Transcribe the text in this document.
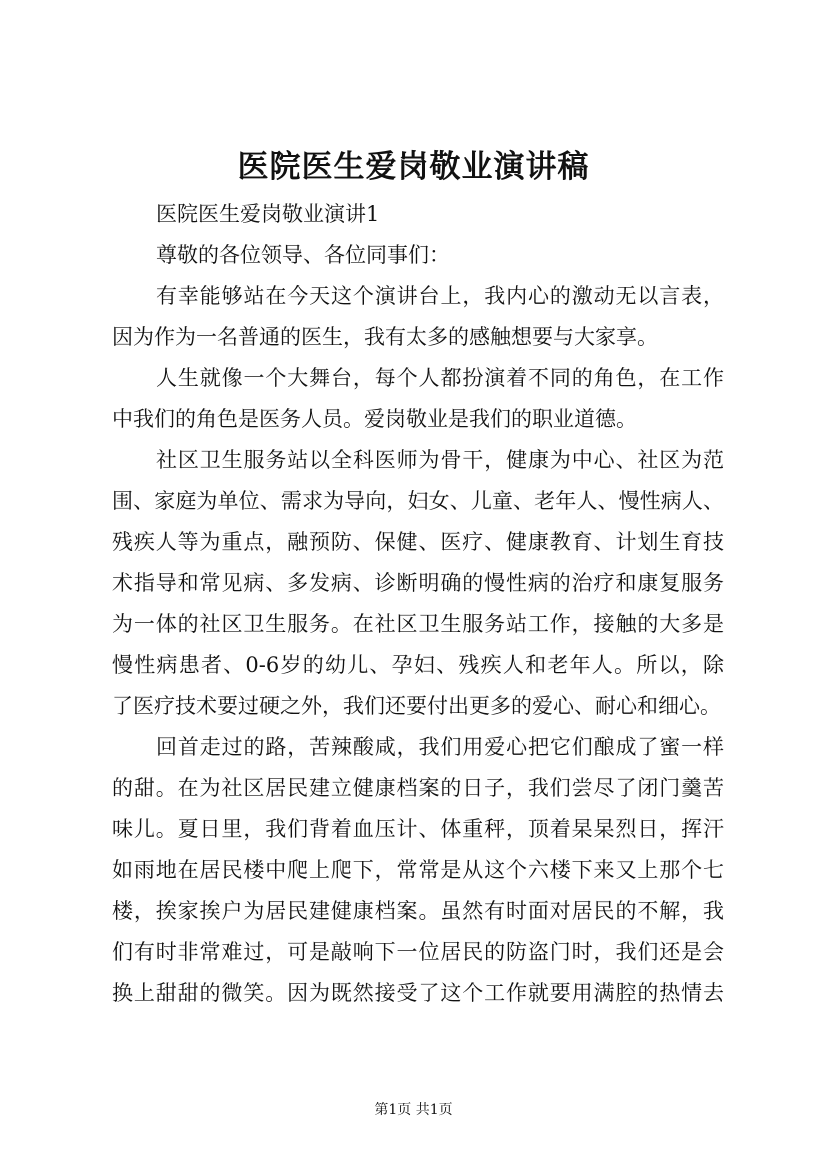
医院医生爱岗敬业演讲稿
医院医生爱岗敬业演讲1
尊敬的各位领导、各位同事们：
有幸能够站在今天这个演讲台上，我内心的激动无以言表，
因为作为一名普通的医生，我有太多的感触想要与大家享。
人生就像一个大舞台，每个人都扮演着不同的角色，在工作
中我们的角色是医务人员。爱岗敬业是我们的职业道德。
社区卫生服务站以全科医师为骨干，健康为中心、社区为范
围、家庭为单位、需求为导向，妇女、儿童、老年人、慢性病人、
残疾人等为重点，融预防、保健、医疗、健康教育、计划生育技
术指导和常见病、多发病、诊断明确的慢性病的治疗和康复服务
为一体的社区卫生服务。在社区卫生服务站工作，接触的大多是
慢性病患者、0-6岁的幼儿、孕妇、残疾人和老年人。所以，除
了医疗技术要过硬之外，我们还要付出更多的爱心、耐心和细心。
回首走过的路，苦辣酸咸，我们用爱心把它们酿成了蜜一样
的甜。在为社区居民建立健康档案的日子，我们尝尽了闭门羹苦
味儿。夏日里，我们背着血压计、体重秤，顶着杲杲烈日，挥汗
如雨地在居民楼中爬上爬下，常常是从这个六楼下来又上那个七
楼，挨家挨户为居民建健康档案。虽然有时面对居民的不解，我
们有时非常难过，可是敲响下一位居民的防盗门时，我们还是会
换上甜甜的微笑。因为既然接受了这个工作就要用满腔的热情去
第1页 共1页
